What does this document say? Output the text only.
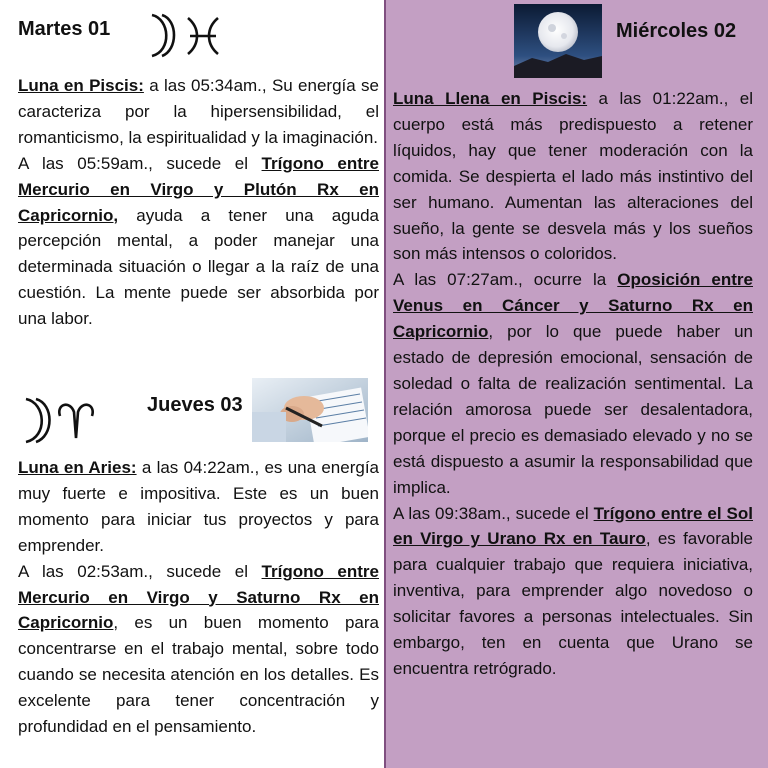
Martes 01

Luna en Piscis: a las 05:34am., Su energía se caracteriza por la hipersensibilidad, el romanticismo, la espiritualidad y la imaginación.

A las 05:59am., sucede el Trígono entre Mercurio en Virgo y Plutón Rx en Capricornio, ayuda a tener una aguda percepción mental, a poder manejar una determinada situación o llegar a la raíz de una cuestión. La mente puede ser absorbida por una labor.

Jueves 03

Luna en Aries: a las 04:22am., es una energía muy fuerte e impositiva. Este es un buen momento para iniciar tus proyectos y para emprender.

A las 02:53am., sucede el Trígono entre Mercurio en Virgo y Saturno Rx en Capricornio, es un buen momento para concentrarse en el trabajo mental, sobre todo cuando se necesita atención en los detalles. Es excelente para tener concentración y profundidad en el pensamiento.

Miércoles 02

Luna Llena en Piscis: a las 01:22am., el cuerpo está más predispuesto a retener líquidos, hay que tener moderación con la comida. Se despierta el lado más instintivo del ser humano. Aumentan las alteraciones del sueño, la gente se desvela más y los sueños son más intensos o coloridos.

A las 07:27am., ocurre la Oposición entre Venus en Cáncer y Saturno Rx en Capricornio, por lo que puede haber un estado de depresión emocional, sensación de soledad o falta de realización sentimental. La relación amorosa puede ser desalentadora, porque el precio es demasiado elevado y no se está dispuesto a asumir la responsabilidad que implica.

A las 09:38am., sucede el Trígono entre el Sol en Virgo y Urano Rx en Tauro, es favorable para cualquier trabajo que requiera iniciativa, inventiva, para emprender algo novedoso o solicitar favores a personas intelectuales. Sin embargo, ten en cuenta que Urano se encuentra retrógrado.
